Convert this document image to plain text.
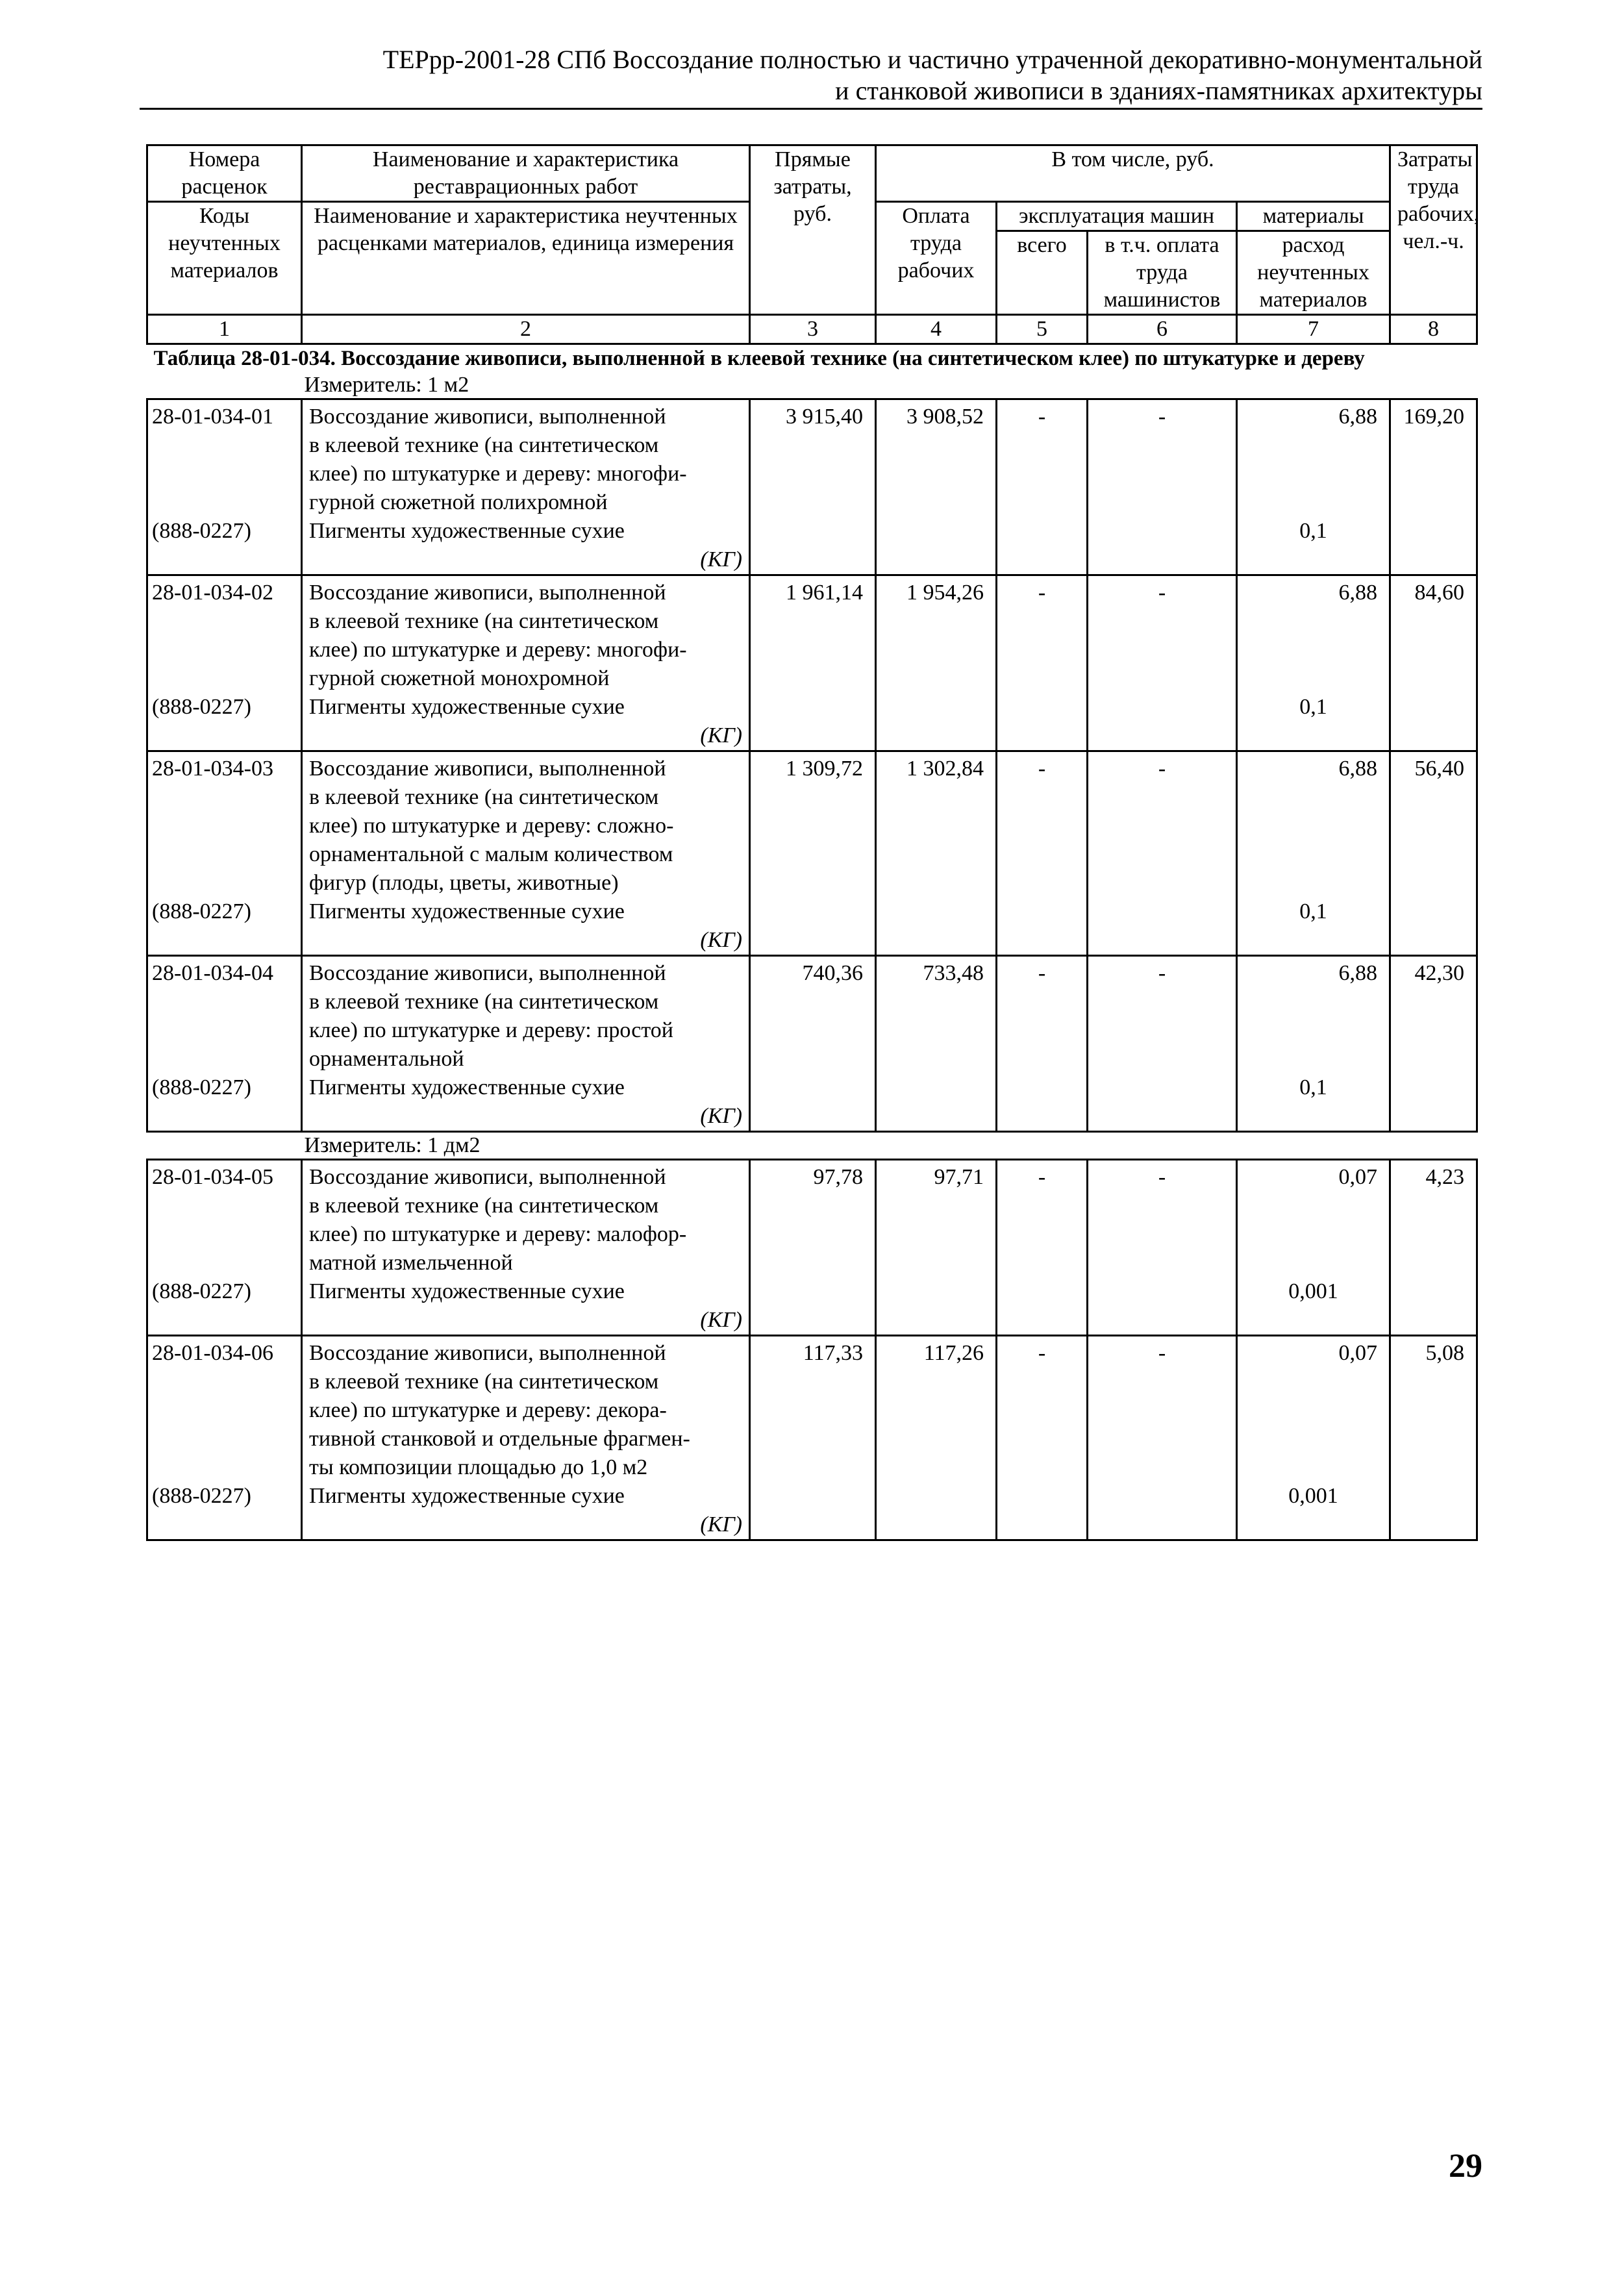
ТЕРрр-2001-28 СПб Воссоздание полностью и частично утраченной декоративно-монументальной
и станковой живописи в зданиях-памятниках архитектуры
Номера расценок	Наименование и характеристика реставрационных работ	Прямые затраты, руб.	В том числе, руб.				Затраты труда рабочих, чел.-ч.
Коды неучтенных материалов	Наименование и характеристика неучтенных расценками материалов, единица измерения		Оплата труда рабочих	эксплуатация машин		материалы	
				всего	в т.ч. оплата труда машинистов	расход неучтенных материалов	
1	2	3	4	5	6	7	8
Таблица 28-01-034. Воссоздание живописи, выполненной в клеевой технике (на синтетическом клее) по штукатурке и дереву							
Измеритель: 1 м2							
28-01-034-01	Воссоздание живописи, выполненной	3 915,40	3 908,52	-	-	6,88	169,20
	в клеевой технике (на синтетическом						
	клее) по штукатурке и дереву: многофи-						
	гурной сюжетной полихромной						
(888-0227)	Пигменты художественные сухие					0,1	
	(КГ)						
28-01-034-02	Воссоздание живописи, выполненной	1 961,14	1 954,26	-	-	6,88	84,60
	в клеевой технике (на синтетическом						
	клее) по штукатурке и дереву: многофи-						
	гурной сюжетной монохромной						
(888-0227)	Пигменты художественные сухие					0,1	
	(КГ)						
28-01-034-03	Воссоздание живописи, выполненной	1 309,72	1 302,84	-	-	6,88	56,40
	в клеевой технике (на синтетическом						
	клее) по штукатурке и дереву: сложно-						
	орнаментальной с малым количеством						
	фигур (плоды, цветы, животные)						
(888-0227)	Пигменты художественные сухие					0,1	
	(КГ)						
28-01-034-04	Воссоздание живописи, выполненной	740,36	733,48	-	-	6,88	42,30
	в клеевой технике (на синтетическом						
	клее) по штукатурке и дереву: простой						
	орнаментальной						
(888-0227)	Пигменты художественные сухие					0,1	
	(КГ)						
Измеритель: 1 дм2							
28-01-034-05	Воссоздание живописи, выполненной	97,78	97,71	-	-	0,07	4,23
	в клеевой технике (на синтетическом						
	клее) по штукатурке и дереву: малофор-						
	матной измельченной						
(888-0227)	Пигменты художественные сухие					0,001	
	(КГ)						
28-01-034-06	Воссоздание живописи, выполненной	117,33	117,26	-	-	0,07	5,08
	в клеевой технике (на синтетическом						
	клее) по штукатурке и дереву: декора-						
	тивной станковой и отдельные фрагмен-						
	ты композиции площадью до 1,0 м2						
(888-0227)	Пигменты художественные сухие					0,001	
	(КГ)						
29
